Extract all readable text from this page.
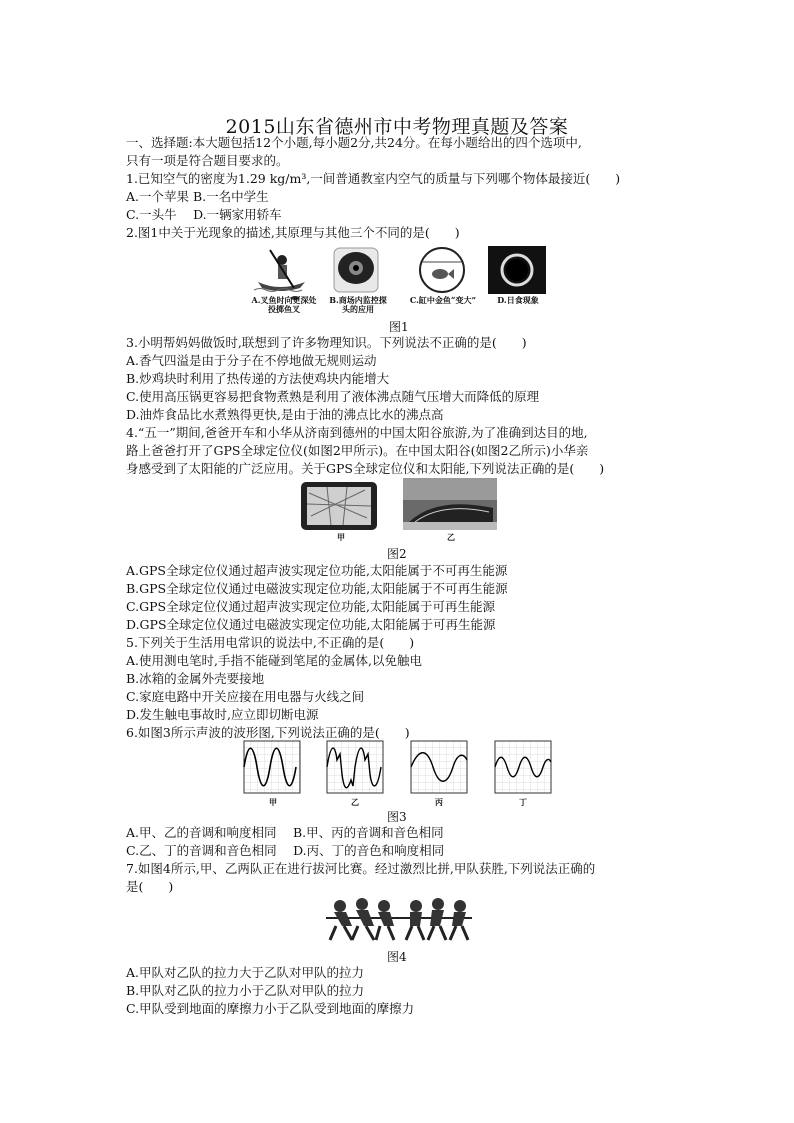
2015山东省德州市中考物理真题及答案
一、选择题:本大题包括12个小题,每小题2分,共24分。在每小题给出的四个选项中,
只有一项是符合题目要求的。
1.已知空气的密度为1.29 kg/m³,一间普通教室内空气的质量与下列哪个物体最接近(　　)
A.一个苹果 B.一名中学生
C.一头牛　 D.一辆家用轿车
2.图1中关于光现象的描述,其原理与其他三个不同的是(　　)
A.叉鱼时向更深处投掷鱼叉
B.商场内监控探头的应用
C.缸中金鱼“变大”	D.日食现象
图1
3.小明帮妈妈做饭时,联想到了许多物理知识。下列说法不正确的是(　　)
A.香气四溢是由于分子在不停地做无规则运动
B.炒鸡块时利用了热传递的方法使鸡块内能增大
C.使用高压锅更容易把食物煮熟是利用了液体沸点随气压增大而降低的原理
D.油炸食品比水煮熟得更快,是由于油的沸点比水的沸点高
4.“五一”期间,爸爸开车和小华从济南到德州的中国太阳谷旅游,为了准确到达目的地,
路上爸爸打开了GPS全球定位仪(如图2甲所示)。在中国太阳谷(如图2乙所示)小华亲
身感受到了太阳能的广泛应用。关于GPS全球定位仪和太阳能,下列说法正确的是(　　)
甲	乙
图2
A.GPS全球定位仪通过超声波实现定位功能,太阳能属于不可再生能源
B.GPS全球定位仪通过电磁波实现定位功能,太阳能属于不可再生能源
C.GPS全球定位仪通过超声波实现定位功能,太阳能属于可再生能源
D.GPS全球定位仪通过电磁波实现定位功能,太阳能属于可再生能源
5.下列关于生活用电常识的说法中,不正确的是(　　)
A.使用测电笔时,手指不能碰到笔尾的金属体,以免触电
B.冰箱的金属外壳要接地
C.家庭电路中开关应接在用电器与火线之间
D.发生触电事故时,应立即切断电源
6.如图3所示声波的波形图,下列说法正确的是(　　)
甲	乙	丙	丁
图3
A.甲、乙的音调和响度相同　 B.甲、丙的音调和音色相同
C.乙、丁的音调和音色相同　 D.丙、丁的音色和响度相同
7.如图4所示,甲、乙两队正在进行拔河比赛。经过激烈比拼,甲队获胜,下列说法正确的
是(　　)
图4
A.甲队对乙队的拉力大于乙队对甲队的拉力
B.甲队对乙队的拉力小于乙队对甲队的拉力
C.甲队受到地面的摩擦力小于乙队受到地面的摩擦力
